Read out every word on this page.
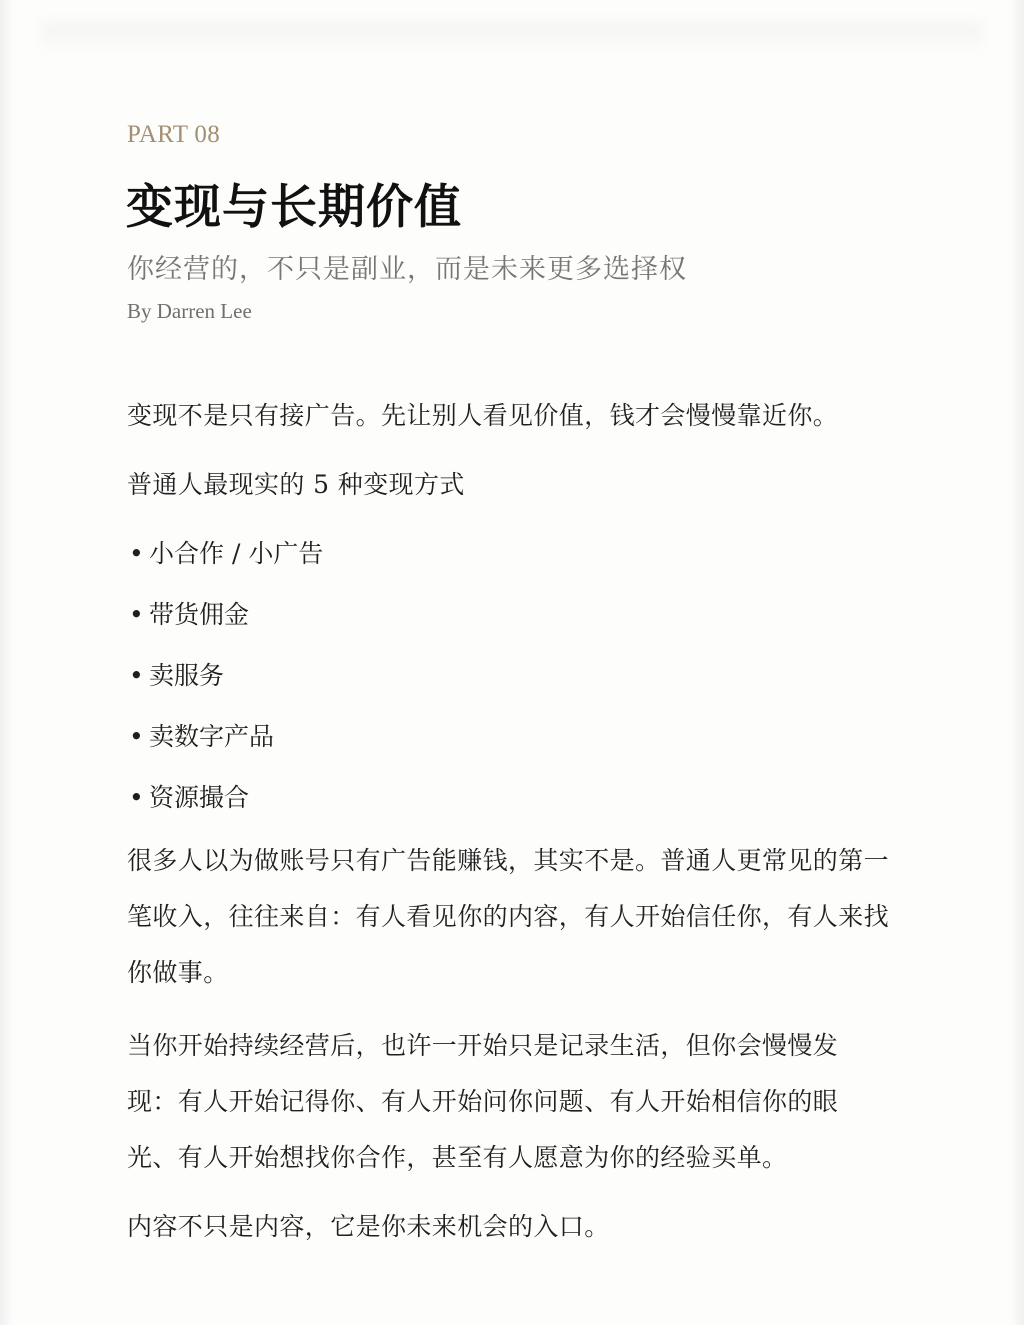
PART 08
变现与长期价值
你经营的，不只是副业，而是未来更多选择权
By Darren Lee

变现不是只有接广告。先让别人看见价值，钱才会慢慢靠近你。

普通人最现实的 5 种变现方式

• 小合作 / 小广告
• 带货佣金
• 卖服务
• 卖数字产品
• 资源撮合

很多人以为做账号只有广告能赚钱，其实不是。普通人更常见的第一笔收入，往往来自：有人看见你的内容，有人开始信任你，有人来找你做事。

当你开始持续经营后，也许一开始只是记录生活，但你会慢慢发现：有人开始记得你、有人开始问你问题、有人开始相信你的眼光、有人开始想找你合作，甚至有人愿意为你的经验买单。

内容不只是内容，它是你未来机会的入口。
